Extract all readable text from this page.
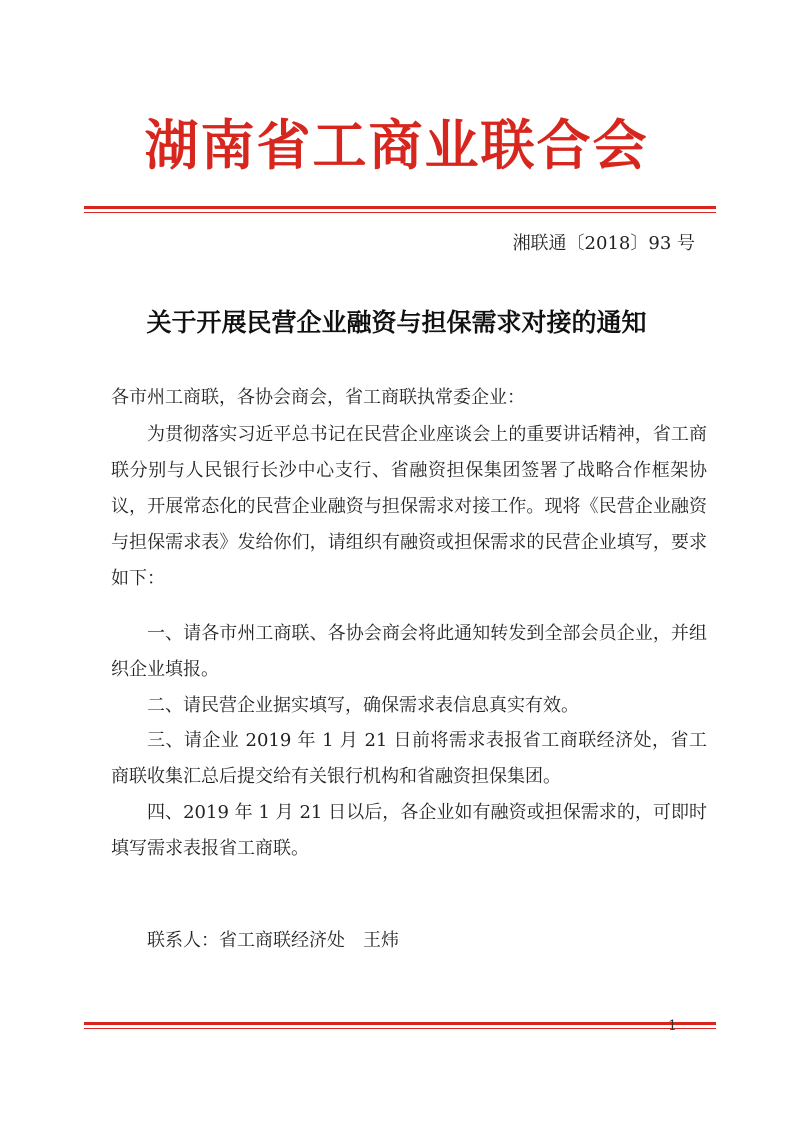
湖南省工商业联合会
湘联通〔2018〕93 号
关于开展民营企业融资与担保需求对接的通知
各市州工商联，各协会商会，省工商联执常委企业：
为贯彻落实习近平总书记在民营企业座谈会上的重要讲话精神，省工商联分别与人民银行长沙中心支行、省融资担保集团签署了战略合作框架协议，开展常态化的民营企业融资与担保需求对接工作。现将《民营企业融资与担保需求表》发给你们，请组织有融资或担保需求的民营企业填写，要求如下：
一、请各市州工商联、各协会商会将此通知转发到全部会员企业，并组织企业填报。
二、请民营企业据实填写，确保需求表信息真实有效。
三、请企业 2019 年 1 月 21 日前将需求表报省工商联经济处，省工商联收集汇总后提交给有关银行机构和省融资担保集团。
四、2019 年 1 月 21 日以后，各企业如有融资或担保需求的，可即时填写需求表报省工商联。
联系人：省工商联经济处　王炜
1
